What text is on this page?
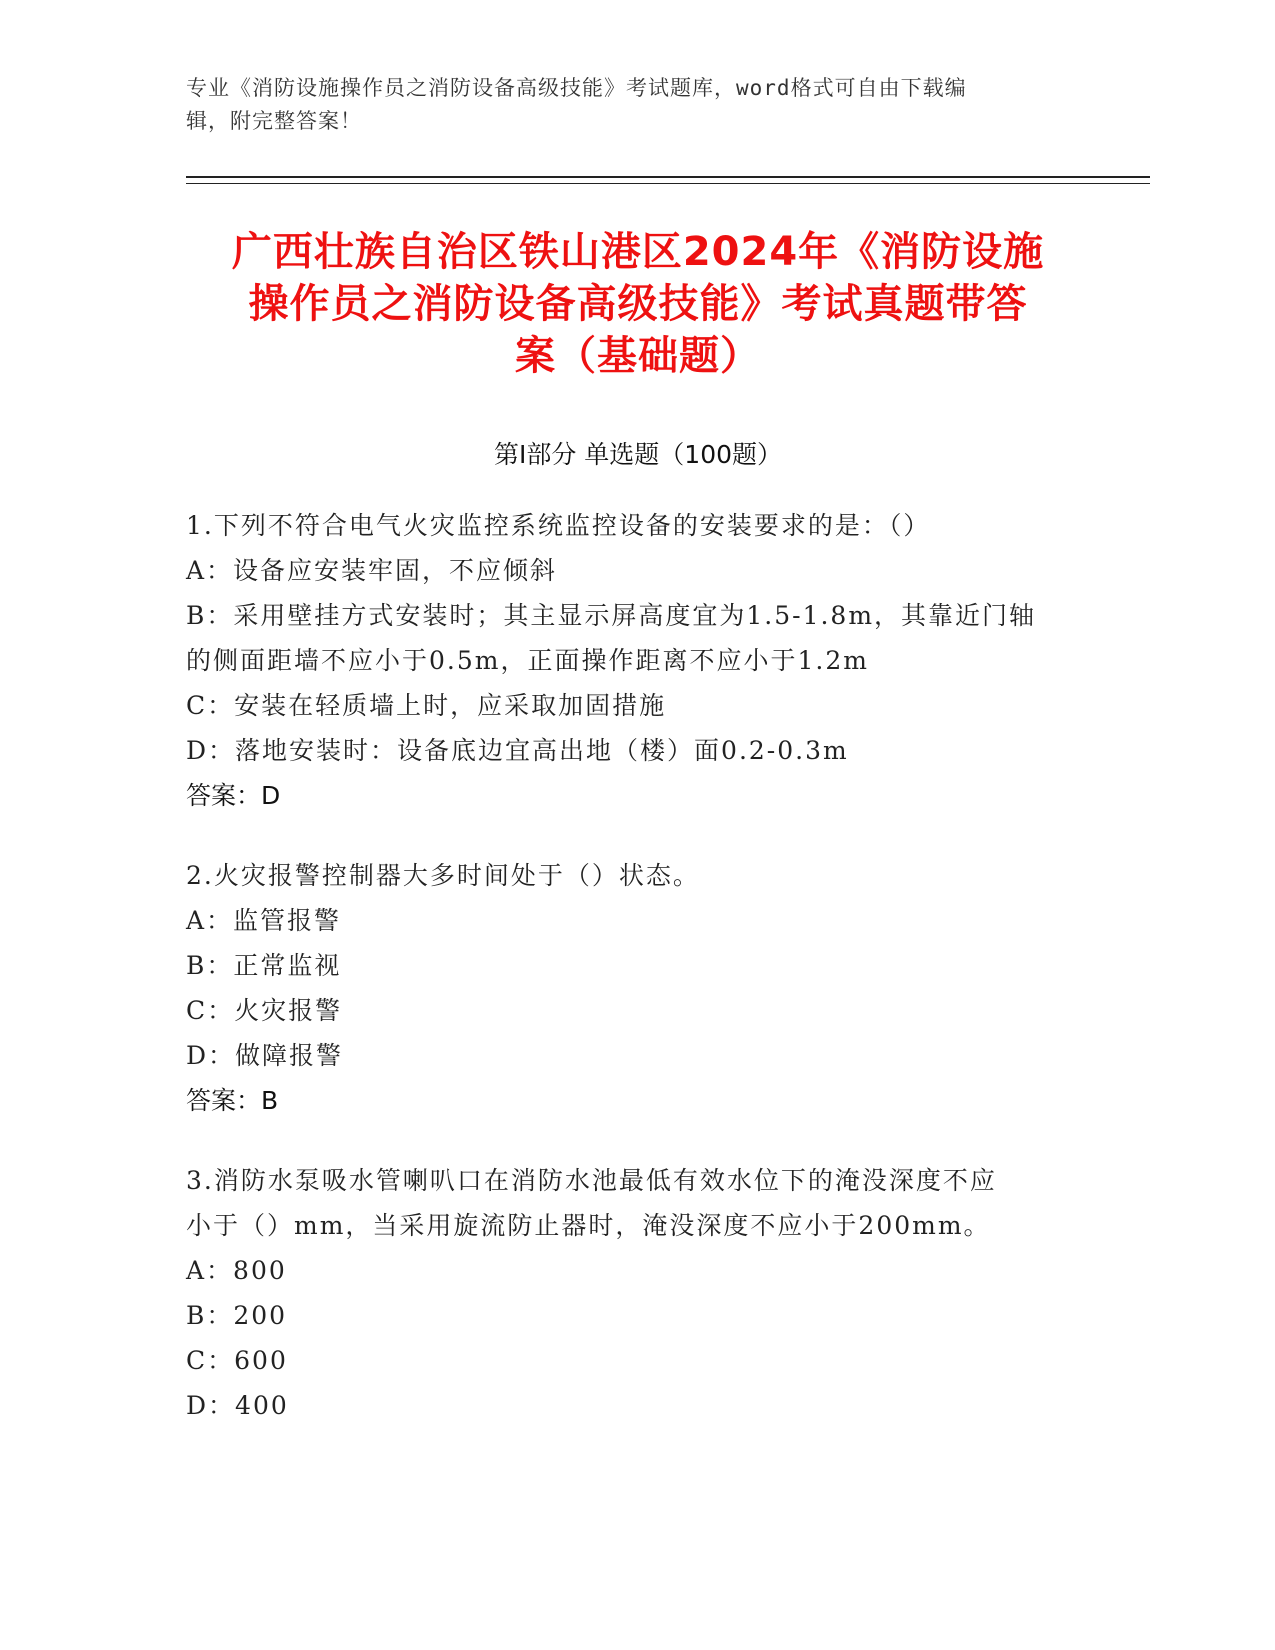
专业《消防设施操作员之消防设备高级技能》考试题库，word格式可自由下载编
辑，附完整答案！
广西壮族自治区铁山港区2024年《消防设施
操作员之消防设备高级技能》考试真题带答
案（基础题）
第I部分 单选题（100题）

1.下列不符合电气火灾监控系统监控设备的安装要求的是：（）

A：设备应安装牢固，不应倾斜

B：采用壁挂方式安装时；其主显示屏高度宜为1.5-1.8m，其靠近门轴

的侧面距墙不应小于0.5m，正面操作距离不应小于1.2m

C：安装在轻质墙上时，应采取加固措施

D：落地安装时：设备底边宜高出地（楼）面0.2-0.3m

答案：D

2.火灾报警控制器大多时间处于（）状态。

A：监管报警

B：正常监视

C：火灾报警

D：做障报警

答案：B

3.消防水泵吸水管喇叭口在消防水池最低有效水位下的淹没深度不应

小于（）mm，当采用旋流防止器时，淹没深度不应小于200mm。

A：800

B：200

C：600

D：400
